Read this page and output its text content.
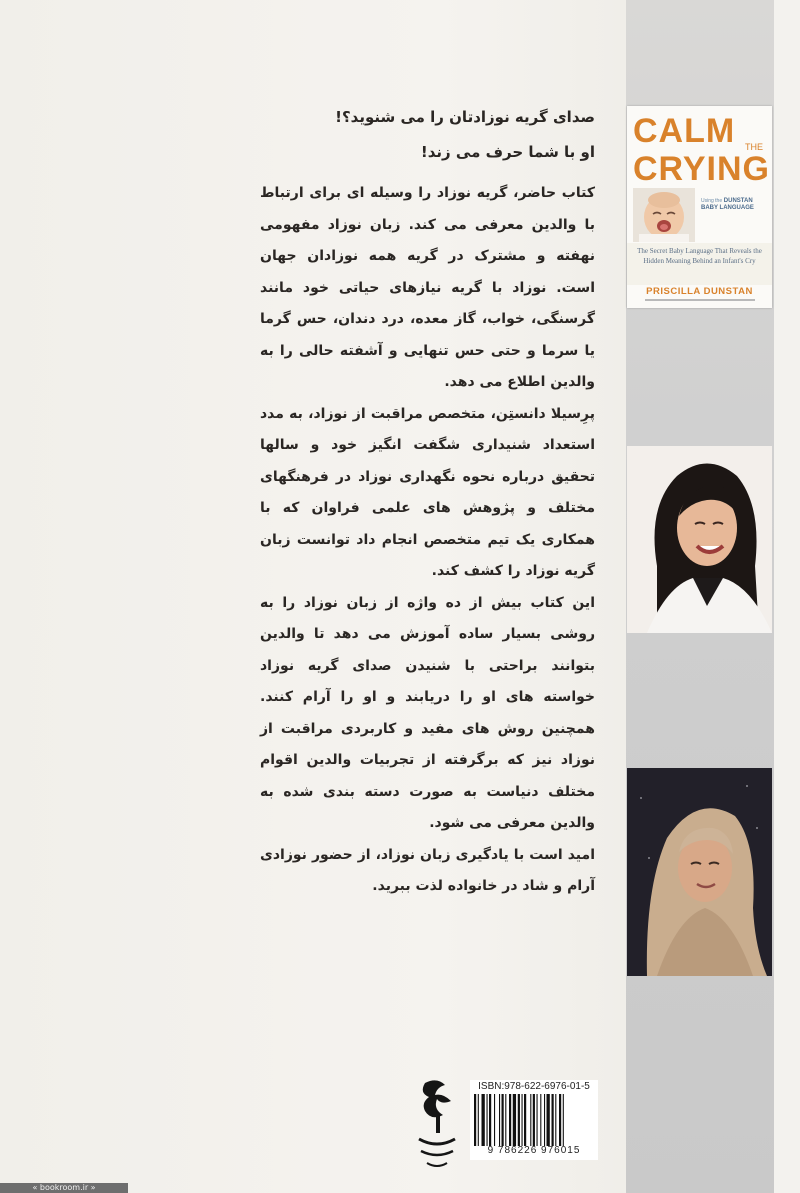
صدای گریه نوزادتان را می شنوید؟!

او با شما حرف می زند!

کتاب حاضر، گریه نوزاد را وسیله ای برای ارتباط با والدین معرفی می کند. زبان نوزاد مفهومی نهفته و مشترک در گریه همه نوزادان جهان است. نوزاد با گریه نیازهای حیاتی خود مانند گرسنگی، خواب، گاز معده، درد دندان، حس گرما یا سرما و حتی حس تنهایی و آشفته حالی را به والدین اطلاع می دهد.

پرِسیلا دانستِن، متخصص مراقبت از نوزاد، به مدد استعداد شنیداری شگفت انگیز خود و سالها تحقیق درباره نحوه نگهداری نوزاد در فرهنگهای مختلف و پژوهش های علمی فراوان که با همکاری یک تیم متخصص انجام داد توانست زبان گریه نوزاد را کشف کند.

این کتاب بیش از ده واژه از زبان نوزاد را به روشی بسیار ساده آموزش می دهد تا والدین بتوانند براحتی با شنیدن صدای گریه نوزاد خواسته های او را دریابند و او را آرام کنند. همچنین روش های مفید و کاربردی مراقبت از نوزاد نیز که برگرفته از تجربیات والدین اقوام مختلف دنیاست به صورت دسته بندی شده به والدین معرفی می شود.

امید است با یادگیری زبان نوزاد، از حضور نوزادی آرام و شاد در خانواده لذت ببرید.

CALM THE
CRYING
Using the DUNSTAN BABY LANGUAGE
The Secret Baby Language That Reveals the Hidden Meaning Behind an Infant's Cry
PRISCILLA DUNSTAN
ISBN:978-622-6976-01-5
9 786226 976015
« bookroom.ir »
